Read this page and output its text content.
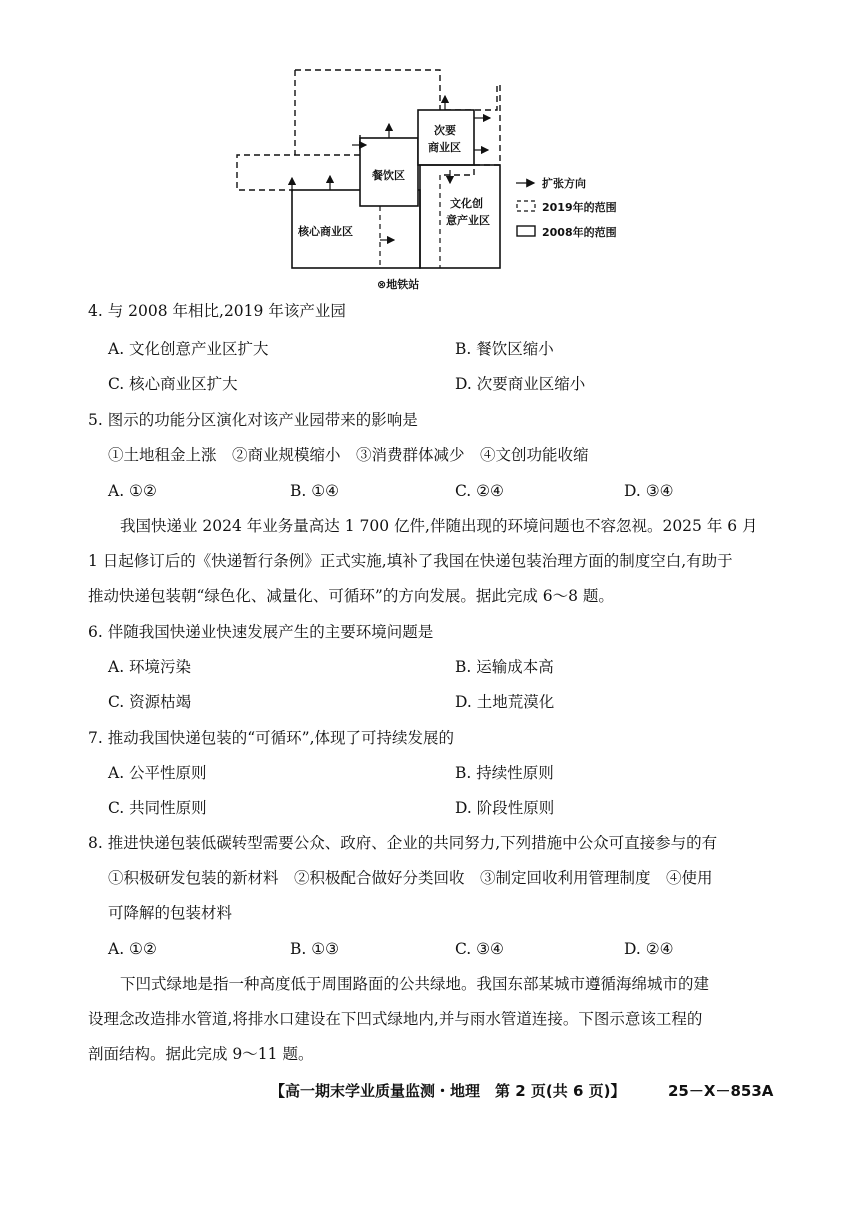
核心商业区
餐饮区
次要
商业区
文化创
意产业区
⊗地铁站
扩张方向
2019年的范围
2008年的范围
4. 与 2008 年相比,2019 年该产业园
A. 文化创意产业区扩大	B. 餐饮区缩小
C. 核心商业区扩大	D. 次要商业区缩小
5. 图示的功能分区演化对该产业园带来的影响是
①土地租金上涨　②商业规模缩小　③消费群体减少　④文创功能收缩
A. ①②	B. ①④	C. ②④	D. ③④
我国快递业 2024 年业务量高达 1 700 亿件,伴随出现的环境问题也不容忽视。2025 年 6 月
1 日起修订后的《快递暂行条例》正式实施,填补了我国在快递包装治理方面的制度空白,有助于
推动快递包装朝“绿色化、减量化、可循环”的方向发展。据此完成 6～8 题。
6. 伴随我国快递业快速发展产生的主要环境问题是
A. 环境污染	B. 运输成本高
C. 资源枯竭	D. 土地荒漠化
7. 推动我国快递包装的“可循环”,体现了可持续发展的
A. 公平性原则	B. 持续性原则
C. 共同性原则	D. 阶段性原则
8. 推进快递包装低碳转型需要公众、政府、企业的共同努力,下列措施中公众可直接参与的有
①积极研发包装的新材料　②积极配合做好分类回收　③制定回收利用管理制度　④使用
可降解的包装材料
A. ①②	B. ①③	C. ③④	D. ②④
下凹式绿地是指一种高度低于周围路面的公共绿地。我国东部某城市遵循海绵城市的建
设理念改造排水管道,将排水口建设在下凹式绿地内,并与雨水管道连接。下图示意该工程的
剖面结构。据此完成 9～11 题。
【高一期末学业质量监测・地理　第 2 页(共 6 页)】	25－X－853A
